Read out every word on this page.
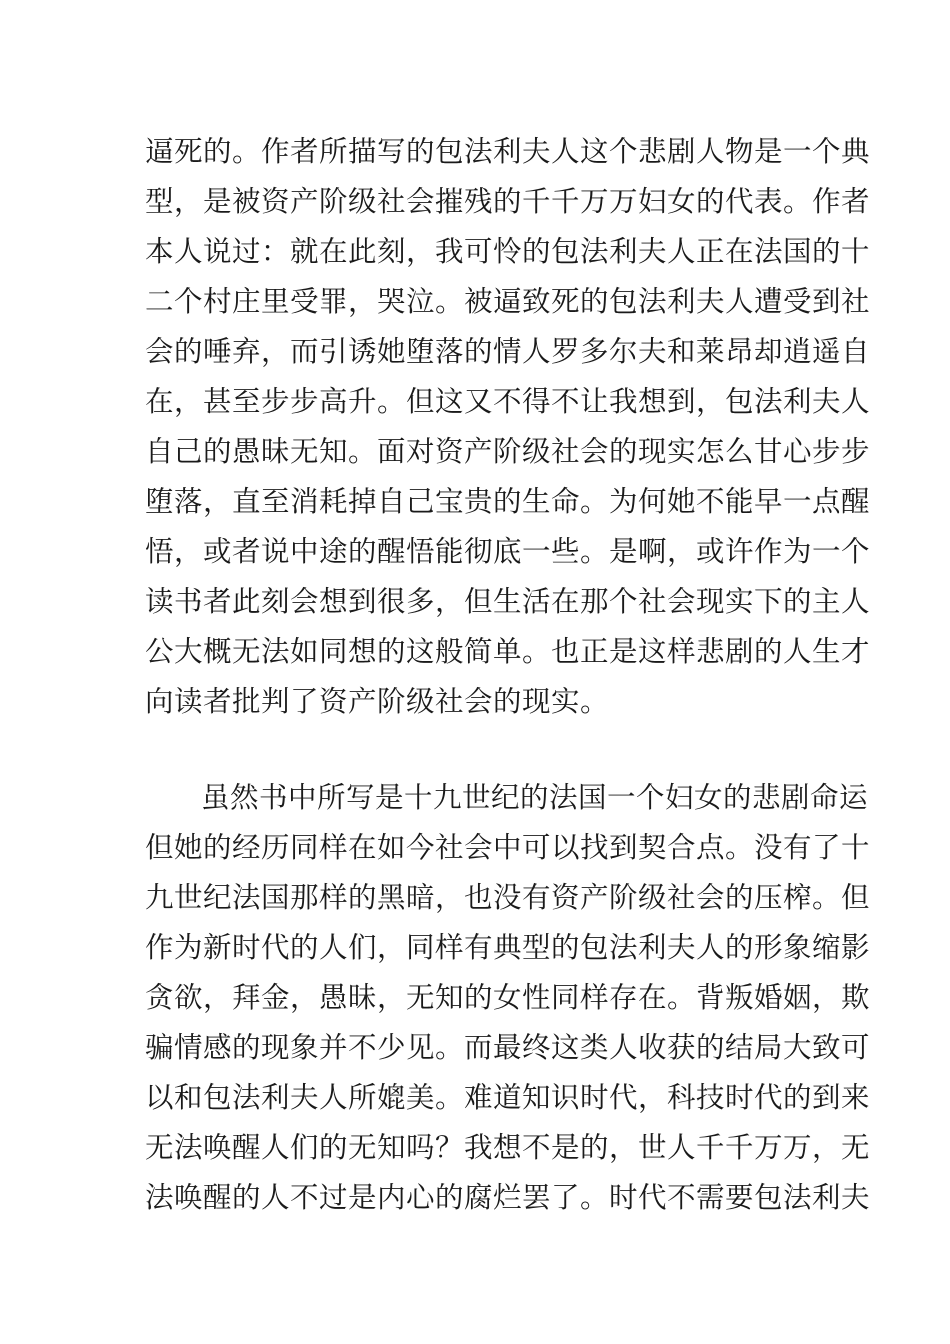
逼死的。作者所描写的包法利夫人这个悲剧人物是一个典
型，是被资产阶级社会摧残的千千万万妇女的代表。作者
本人说过：就在此刻，我可怜的包法利夫人正在法国的十
二个村庄里受罪，哭泣。被逼致死的包法利夫人遭受到社
会的唾弃，而引诱她堕落的情人罗多尔夫和莱昂却逍遥自
在，甚至步步高升。但这又不得不让我想到，包法利夫人
自己的愚昧无知。面对资产阶级社会的现实怎么甘心步步
堕落，直至消耗掉自己宝贵的生命。为何她不能早一点醒
悟，或者说中途的醒悟能彻底一些。是啊，或许作为一个
读书者此刻会想到很多，但生活在那个社会现实下的主人
公大概无法如同想的这般简单。也正是这样悲剧的人生才
向读者批判了资产阶级社会的现实。
虽然书中所写是十九世纪的法国一个妇女的悲剧命运
但她的经历同样在如今社会中可以找到契合点。没有了十
九世纪法国那样的黑暗，也没有资产阶级社会的压榨。但
作为新时代的人们，同样有典型的包法利夫人的形象缩影
贪欲，拜金，愚昧，无知的女性同样存在。背叛婚姻，欺
骗情感的现象并不少见。而最终这类人收获的结局大致可
以和包法利夫人所媲美。难道知识时代，科技时代的到来
无法唤醒人们的无知吗？我想不是的，世人千千万万，无
法唤醒的人不过是内心的腐烂罢了。时代不需要包法利夫
